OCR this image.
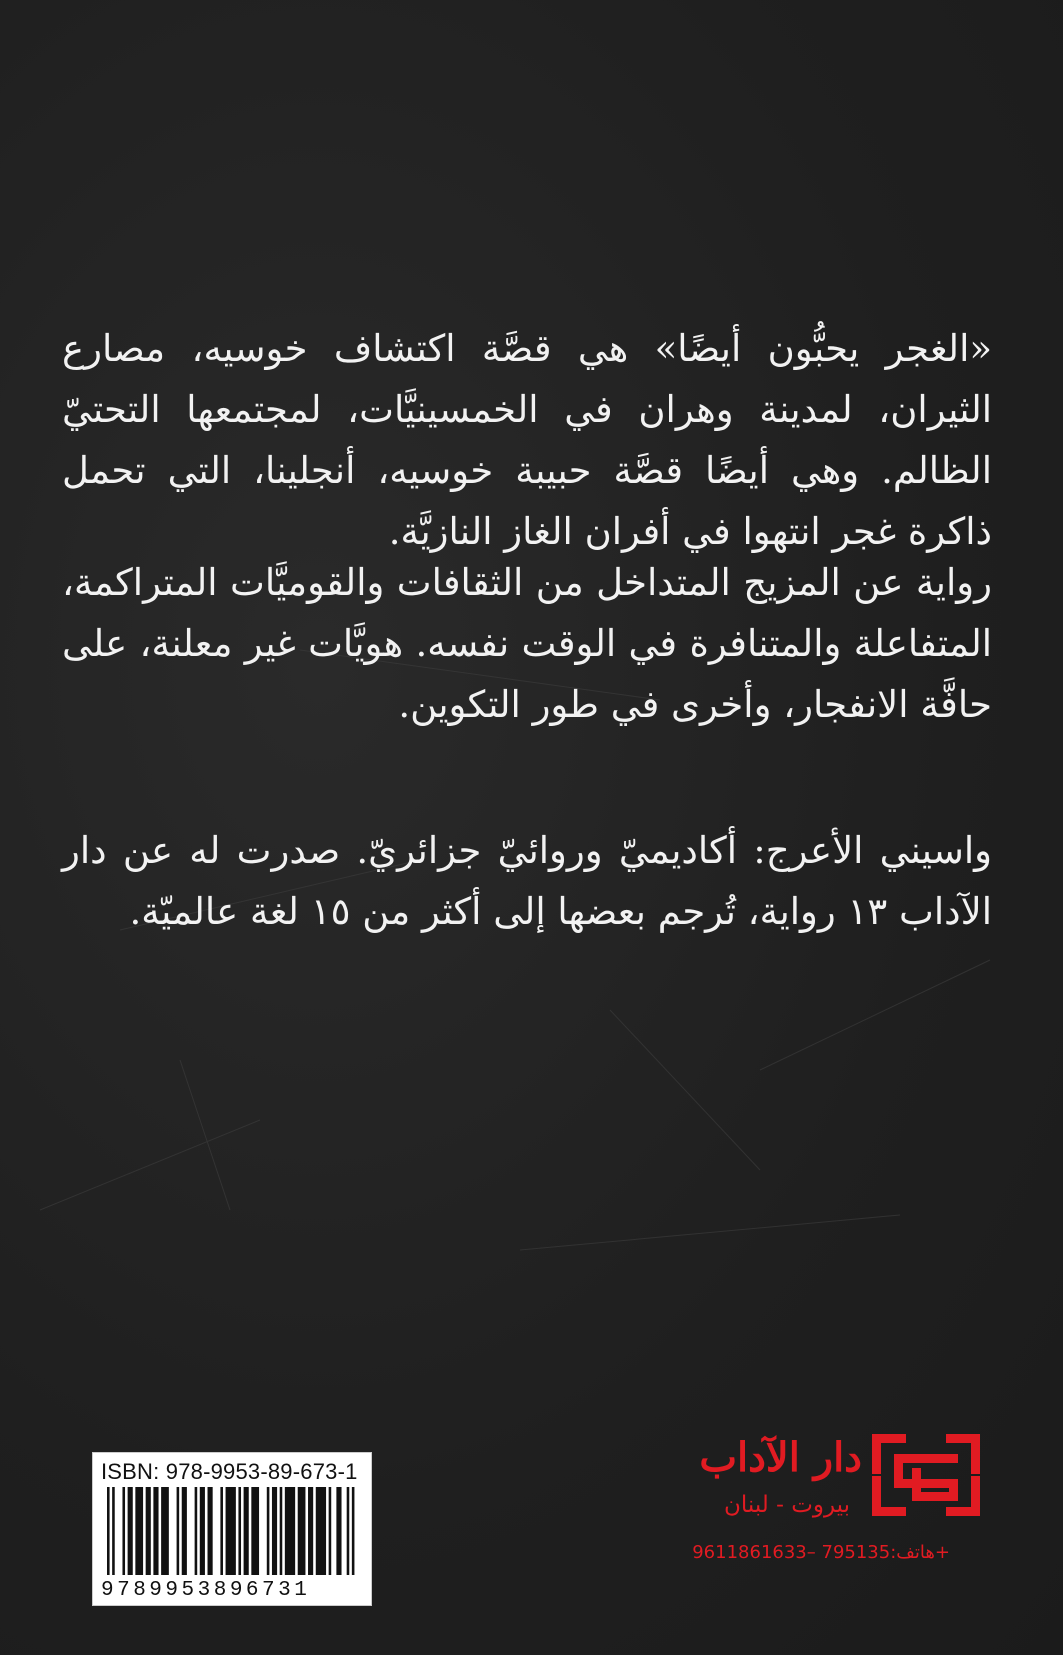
«الغجر يحبُّون أيضًا» هي قصَّة اكتشاف خوسيه، مصارع الثيران، لمدينة وهران في الخمسينيَّات، لمجتمعها التحتيّ الظالم. وهي أيضًا قصَّة حبيبة خوسيه، أنجلينا، التي تحمل ذاكرة غجر انتهوا في أفران الغاز النازيَّة.

رواية عن المزيج المتداخل من الثقافات والقوميَّات المتراكمة، المتفاعلة والمتنافرة في الوقت نفسه. هويَّات غير معلنة، على حافَّة الانفجار، وأخرى في طور التكوين.

واسيني الأعرج: أكاديميّ وروائيّ جزائريّ. صدرت له عن دار الآداب ١٣ رواية، تُرجم بعضها إلى أكثر من ١٥ لغة عالميّة.

ISBN: 978-9953-89-673-1
9789953896731
دار الآداب
بيروت - لبنان
هاتف:795135 –9611861633+
